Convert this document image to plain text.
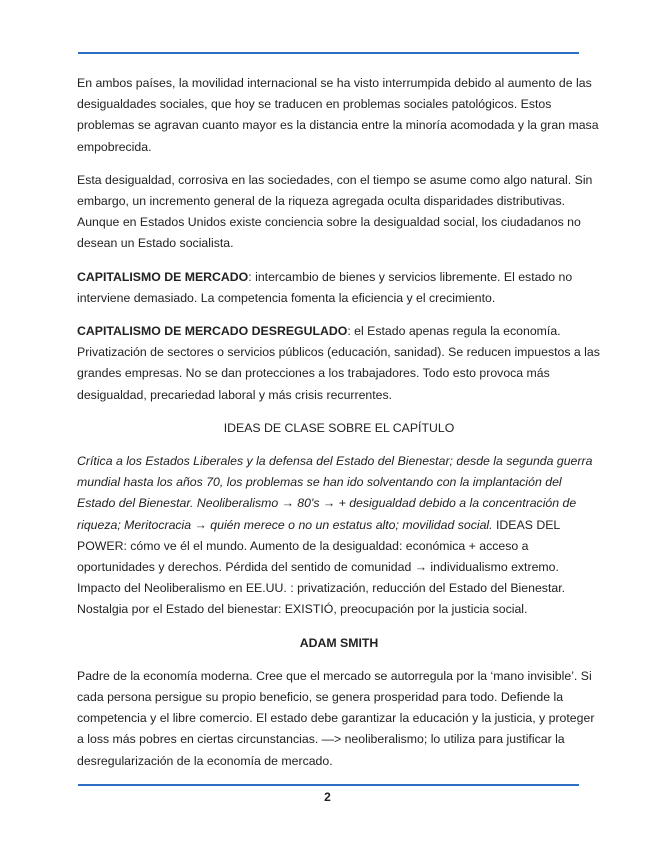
En ambos países, la movilidad internacional se ha visto interrumpida debido al aumento de las desigualdades sociales, que hoy se traducen en problemas sociales patológicos. Estos problemas se agravan cuanto mayor es la distancia entre la minoría acomodada y la gran masa empobrecida.

Esta desigualdad, corrosiva en las sociedades, con el tiempo se asume como algo natural. Sin embargo, un incremento general de la riqueza agregada oculta disparidades distributivas. Aunque en Estados Unidos existe conciencia sobre la desigualdad social, los ciudadanos no desean un Estado socialista.

CAPITALISMO DE MERCADO: intercambio de bienes y servicios libremente. El estado no interviene demasiado. La competencia fomenta la eficiencia y el crecimiento.

CAPITALISMO DE MERCADO DESREGULADO: el Estado apenas regula la economía. Privatización de sectores o servicios públicos (educación, sanidad). Se reducen impuestos a las grandes empresas. No se dan protecciones a los trabajadores. Todo esto provoca más desigualdad, precariedad laboral y más crisis recurrentes.

IDEAS DE CLASE SOBRE EL CAPÍTULO

Crítica a los Estados Liberales y la defensa del Estado del Bienestar; desde la segunda guerra mundial hasta los años 70, los problemas se han ido solventando con la implantación del Estado del Bienestar. Neoliberalismo → 80's → + desigualdad debido a la concentración de riqueza; Meritocracia → quién merece o no un estatus alto; movilidad social. IDEAS DEL POWER: cómo ve él el mundo. Aumento de la desigualdad: económica + acceso a oportunidades y derechos. Pérdida del sentido de comunidad → individualismo extremo. Impacto del Neoliberalismo en EE.UU. : privatización, reducción del Estado del Bienestar. Nostalgia por el Estado del bienestar: EXISTIÓ, preocupación por la justicia social.

ADAM SMITH

Padre de la economía moderna. Cree que el mercado se autorregula por la ‘mano invisible’. Si cada persona persigue su propio beneficio, se genera prosperidad para todo. Defiende la competencia y el libre comercio. El estado debe garantizar la educación y la justicia, y proteger a loss más pobres en ciertas circunstancias. —> neoliberalismo; lo utiliza para justificar la desregularización de la economía de mercado.

2
